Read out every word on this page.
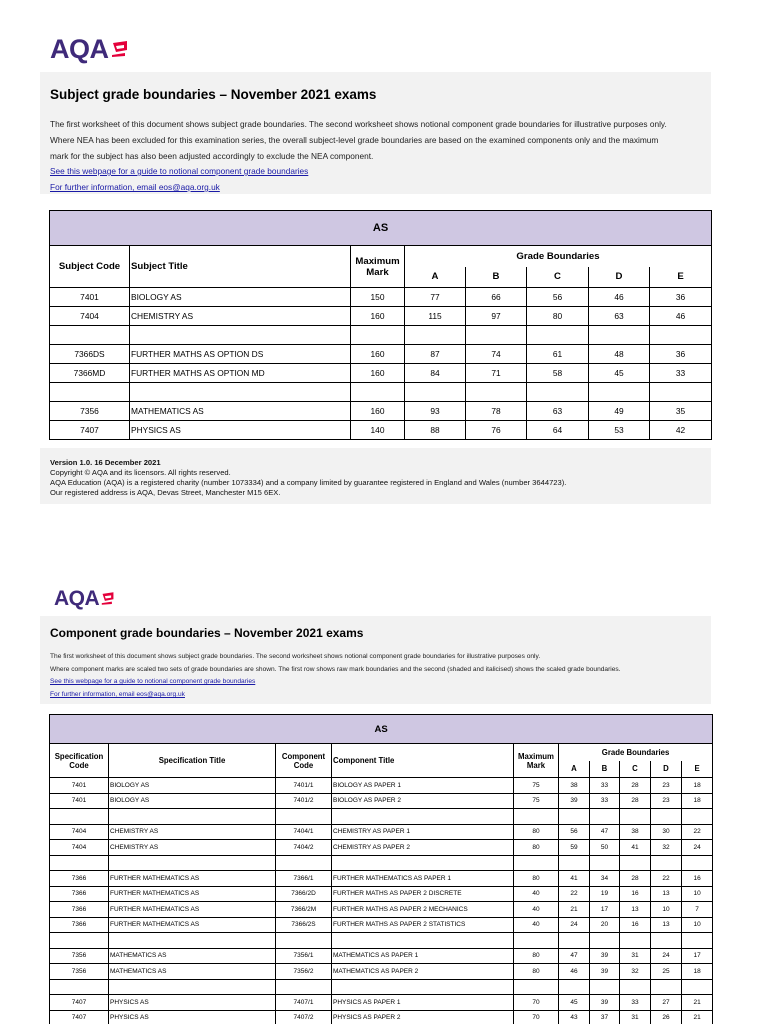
AQA
Subject grade boundaries – November 2021 exams
The first worksheet of this document shows subject grade boundaries. The second worksheet shows notional component grade boundaries for illustrative purposes only.
Where NEA has been excluded for this examination series, the overall subject-level grade boundaries are based on the examined components only and the maximum
mark for the subject has also been adjusted accordingly to exclude the NEA component.
See this webpage for a guide to notional component grade boundaries
For further information, email eos@aqa.org.uk
AS							
Subject Code	Subject Title	Maximum Mark	Grade Boundaries				
			A	B	C	D	E
7401	BIOLOGY AS	150	77	66	56	46	36
7404	CHEMISTRY AS	160	115	97	80	63	46

7366DS	FURTHER MATHS AS OPTION DS	160	87	74	61	48	36
7366MD	FURTHER MATHS AS OPTION MD	160	84	71	58	45	33

7356	MATHEMATICS AS	160	93	78	63	49	35
7407	PHYSICS AS	140	88	76	64	53	42
Version 1.0. 16 December 2021
Copyright © AQA and its licensors. All rights reserved.
AQA Education (AQA) is a registered charity (number 1073334) and a company limited by guarantee registered in England and Wales (number 3644723).
Our registered address is AQA, Devas Street, Manchester M15 6EX.
AQA
Component grade boundaries – November 2021 exams
The first worksheet of this document shows subject grade boundaries. The second worksheet shows notional component grade boundaries for illustrative purposes only.
Where component marks are scaled two sets of grade boundaries are shown. The first row shows raw mark boundaries and the second (shaded and italicised) shows the scaled grade boundaries.
See this webpage for a guide to notional component grade boundaries
For further information, email eos@aqa.org.uk
AS									
Specification Code	Specification Title	Component Code	Component Title	Maximum Mark	Grade Boundaries				
					A	B	C	D	E
7401	BIOLOGY AS	7401/1	BIOLOGY AS PAPER 1	75	38	33	28	23	18
7401	BIOLOGY AS	7401/2	BIOLOGY AS PAPER 2	75	39	33	28	23	18

7404	CHEMISTRY AS	7404/1	CHEMISTRY AS PAPER 1	80	56	47	38	30	22
7404	CHEMISTRY AS	7404/2	CHEMISTRY AS PAPER 2	80	59	50	41	32	24

7366	FURTHER MATHEMATICS AS	7366/1	FURTHER MATHEMATICS AS PAPER 1	80	41	34	28	22	16
7366	FURTHER MATHEMATICS AS	7366/2D	FURTHER MATHS AS PAPER 2 DISCRETE	40	22	19	16	13	10
7366	FURTHER MATHEMATICS AS	7366/2M	FURTHER MATHS AS PAPER 2 MECHANICS	40	21	17	13	10	7
7366	FURTHER MATHEMATICS AS	7366/2S	FURTHER MATHS AS PAPER 2 STATISTICS	40	24	20	16	13	10

7356	MATHEMATICS AS	7356/1	MATHEMATICS AS PAPER 1	80	47	39	31	24	17
7356	MATHEMATICS AS	7356/2	MATHEMATICS AS PAPER 2	80	46	39	32	25	18

7407	PHYSICS AS	7407/1	PHYSICS AS PAPER 1	70	45	39	33	27	21
7407	PHYSICS AS	7407/2	PHYSICS AS PAPER 2	70	43	37	31	26	21
